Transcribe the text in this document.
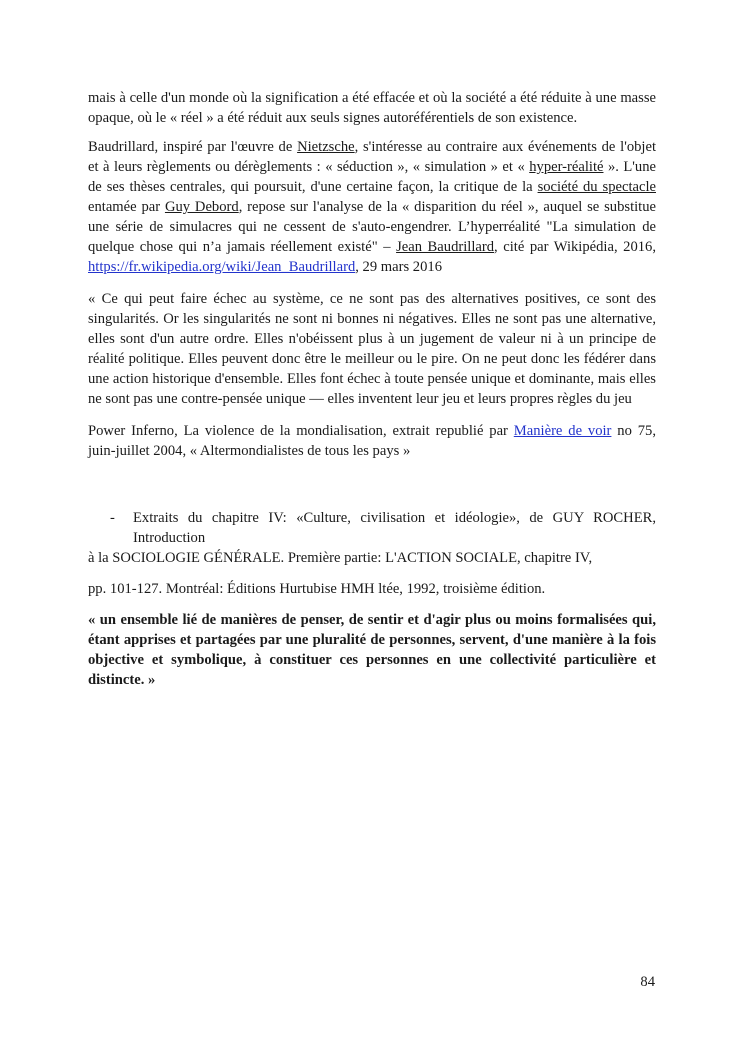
mais à celle d'un monde où la signification a été effacée et où la société a été réduite à une masse opaque, où le « réel » a été réduit aux seuls signes autoréférentiels de son existence.

Baudrillard, inspiré par l'œuvre de Nietzsche, s'intéresse au contraire aux événements de l'objet et à leurs règlements ou dérèglements : « séduction », « simulation » et « hyper-réalité ». L'une de ses thèses centrales, qui poursuit, d'une certaine façon, la critique de la société du spectacle entamée par Guy Debord, repose sur l'analyse de la « disparition du réel », auquel se substitue une série de simulacres qui ne cessent de s'auto-engendrer. L’hyperréalité "La simulation de quelque chose qui n’a jamais réellement existé" – Jean Baudrillard, cité par Wikipédia, 2016, https://fr.wikipedia.org/wiki/Jean_Baudrillard, 29 mars 2016

« Ce qui peut faire échec au système, ce ne sont pas des alternatives positives, ce sont des singularités. Or les singularités ne sont ni bonnes ni négatives. Elles ne sont pas une alternative, elles sont d'un autre ordre. Elles n'obéissent plus à un jugement de valeur ni à un principe de réalité politique. Elles peuvent donc être le meilleur ou le pire. On ne peut donc les fédérer dans une action historique d'ensemble. Elles font échec à toute pensée unique et dominante, mais elles ne sont pas une contre-pensée unique — elles inventent leur jeu et leurs propres règles du jeu

Power Inferno, La violence de la mondialisation, extrait republié par Manière de voir no 75, juin-juillet 2004, « Altermondialistes de tous les pays »

-	Extraits du chapitre IV: «Culture, civilisation et idéologie», de GUY ROCHER, Introduction

à la SOCIOLOGIE GÉNÉRALE. Première partie: L'ACTION SOCIALE, chapitre IV,

pp. 101-127. Montréal: Éditions Hurtubise HMH ltée, 1992, troisième édition.

« un ensemble lié de manières de penser, de sentir et d'agir plus ou moins formalisées qui, étant apprises et partagées par une pluralité de personnes, servent, d'une manière à la fois objective et symbolique, à constituer ces personnes en une collectivité particulière et distincte. »

84
